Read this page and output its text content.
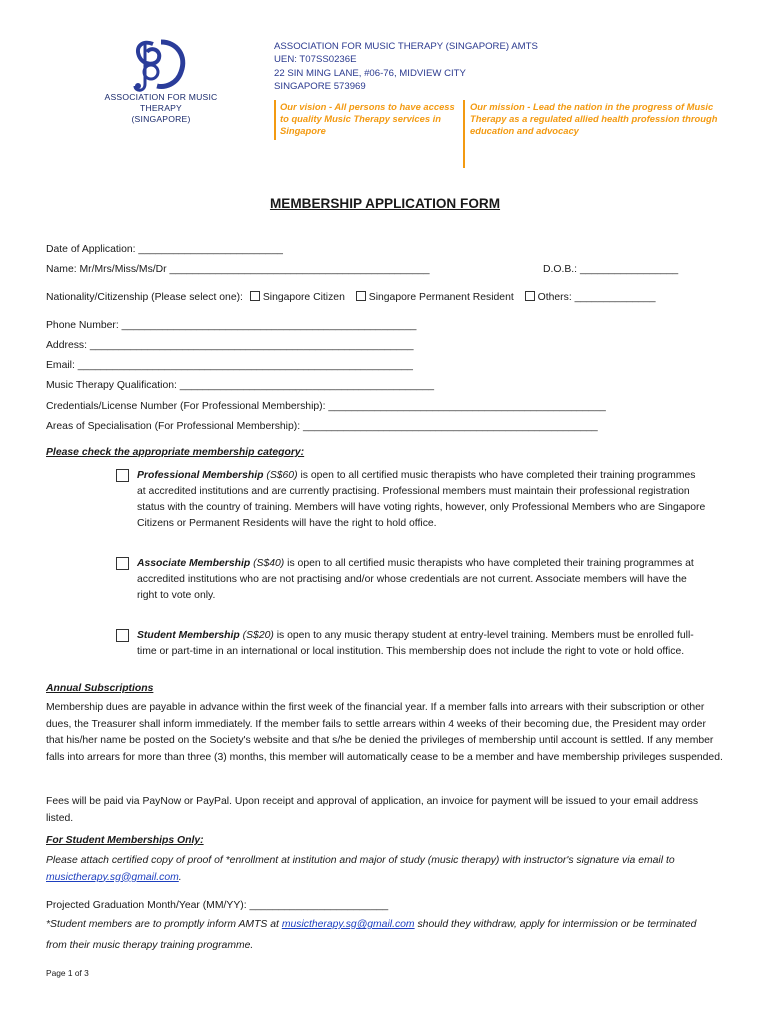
ASSOCIATION FOR MUSIC THERAPY
(SINGAPORE)
ASSOCIATION FOR MUSIC THERAPY (SINGAPORE) AMTS
UEN: T07SS0236E
22 SIN MING LANE, #06-76, MIDVIEW CITY
SINGAPORE 573969
Our vision - All persons to have access to quality Music Therapy services in Singapore
Our mission - Lead the nation in the progress of Music Therapy as a regulated allied health profession through education and advocacy
MEMBERSHIP APPLICATION FORM
Date of Application: _________________________
Name: Mr/Mrs/Miss/Ms/Dr _____________________________________________	D.O.B.: _________________
Nationality/Citizenship (Please select one): Singapore Citizen Singapore Permanent Resident Others: ______________
Phone Number: ___________________________________________________
Address: ________________________________________________________
Email: __________________________________________________________
Music Therapy Qualification: ____________________________________________
Credentials/License Number (For Professional Membership): ________________________________________________
Areas of Specialisation (For Professional Membership): ___________________________________________________
Please check the appropriate membership category:
Professional Membership (S$60) is open to all certified music therapists who have completed their training programmes at accredited institutions and are currently practising. Professional members must maintain their professional registration status with the country of training. Members will have voting rights, however, only Professional Members who are Singapore Citizens or Permanent Residents will have the right to hold office.
Associate Membership (S$40) is open to all certified music therapists who have completed their training programmes at accredited institutions who are not practising and/or whose credentials are not current. Associate members will have the right to vote only.
Student Membership (S$20) is open to any music therapy student at entry-level training. Members must be enrolled full-time or part-time in an international or local institution. This membership does not include the right to vote or hold office.
Annual Subscriptions
Membership dues are payable in advance within the first week of the financial year. If a member falls into arrears with their subscription or other dues, the Treasurer shall inform immediately. If the member fails to settle arrears within 4 weeks of their becoming due, the President may order that his/her name be posted on the Society's website and that s/he be denied the privileges of membership until account is settled. If any member falls into arrears for more than three (3) months, this member will automatically cease to be a member and have membership privileges suspended.
Fees will be paid via PayNow or PayPal. Upon receipt and approval of application, an invoice for payment will be issued to your email address listed.
For Student Memberships Only:
Please attach certified copy of proof of *enrollment at institution and major of study (music therapy) with instructor's signature via email to musictherapy.sg@gmail.com.
Projected Graduation Month/Year (MM/YY): ________________________
*Student members are to promptly inform AMTS at musictherapy.sg@gmail.com should they withdraw, apply for intermission or be terminated from their music therapy training programme.
Page 1 of 3
